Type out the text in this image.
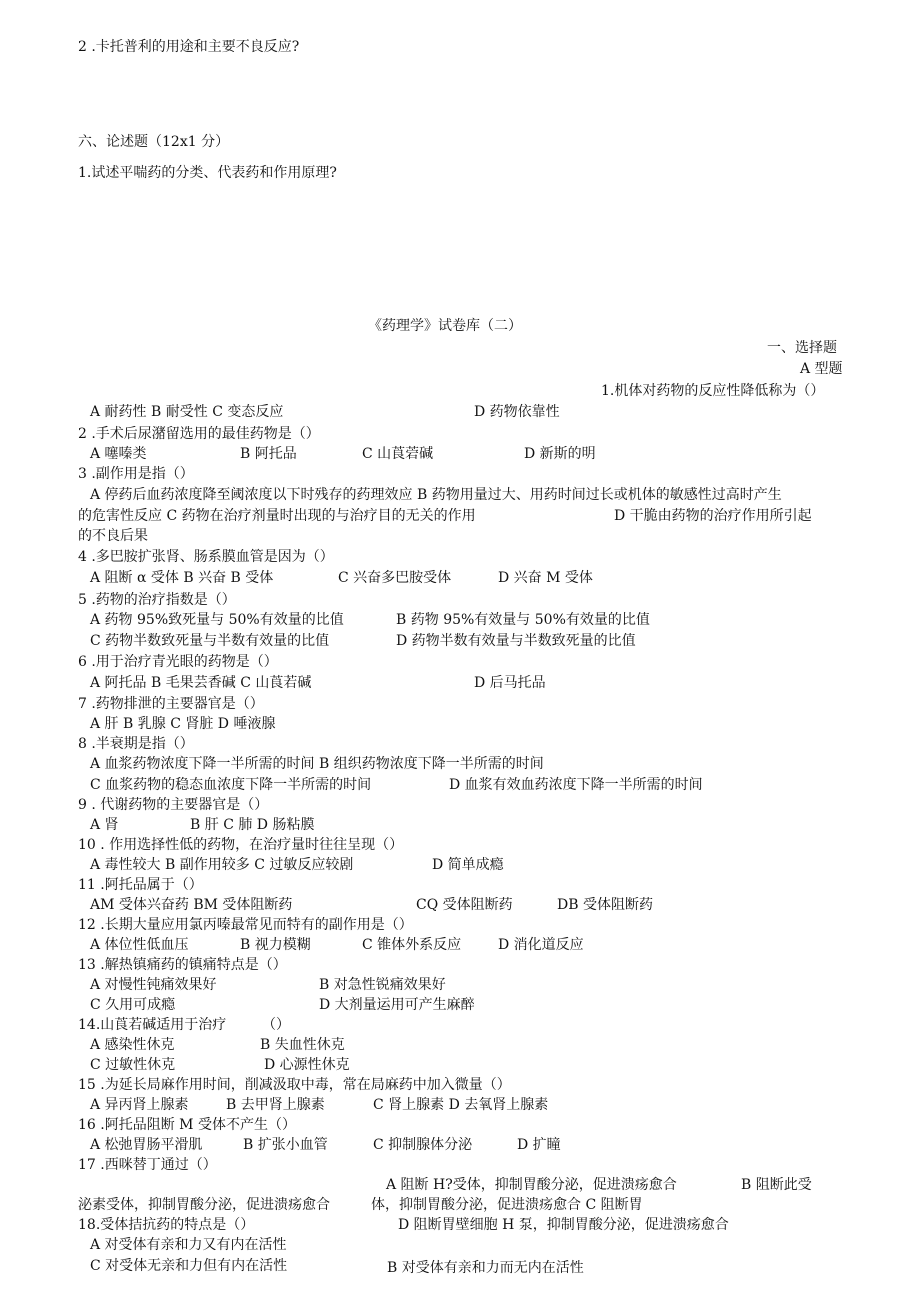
2 .卡托普利的用途和主要不良反应?
六、论述题（12x1 分）
1.试述平喘药的分类、代表药和作用原理?
《药理学》试卷库（二）
一、选择题
A 型题
1.机体对药物的反应性降低称为（）
A 耐药性 B 耐受性 C 变态反应	D 药物依靠性
2 .手术后尿潴留选用的最佳药物是（）
A 噻嗪类	B 阿托品	C 山莨菪碱	D 新斯的明
3 .副作用是指（）
A 停药后血药浓度降至阈浓度以下时残存的药理效应 B 药物用量过大、用药时间过长或机体的敏感性过高时产生
的危害性反应 C 药物在治疗剂量时出现的与治疗目的无关的作用	D 干脆由药物的治疗作用所引起
的不良后果
4 .多巴胺扩张肾、肠系膜血管是因为（）
A 阻断 α 受体 B 兴奋 B 受体	C 兴奋多巴胺受体	D 兴奋 M 受体
5 .药物的治疗指数是（）
A 药物 95%致死量与 50%有效量的比值	B 药物 95%有效量与 50%有效量的比值
C 药物半数致死量与半数有效量的比值	D 药物半数有效量与半数致死量的比值
6 .用于治疗青光眼的药物是（）
A 阿托品 B 毛果芸香碱 C 山莨若碱	D 后马托品
7 .药物排泄的主要器官是（）
A 肝 B 乳腺 C 肾脏 D 唾液腺
8 .半衰期是指（）
A 血浆药物浓度下降一半所需的时间 B 组织药物浓度下降一半所需的时间
C 血浆药物的稳态血浓度下降一半所需的时间	D 血浆有效血药浓度下降一半所需的时间
9 . 代谢药物的主要器官是（）
A 肾	B 肝 C 肺 D 肠粘膜
10 . 作用选择性低的药物，在治疗量时往往呈现（）
A 毒性较大 B 副作用较多 C 过敏反应较剧	D 简单成瘾
11 .阿托品属于（）
AM 受体兴奋药 BM 受体阻断药	CQ 受体阻断药	DB 受体阻断药
12 .长期大量应用氯丙嗪最常见而特有的副作用是（）
A 体位性低血压	B 视力模糊	C 锥体外系反应	D 消化道反应
13 .解热镇痛药的镇痛特点是（）
A 对慢性钝痛效果好	B 对急性锐痛效果好
C 久用可成瘾	D 大剂量运用可产生麻醉
14.山莨若碱适用于治疗	（）
A 感染性休克	B 失血性休克
C 过敏性休克	D 心源性休克
15 .为延长局麻作用时间，削减汲取中毒，常在局麻药中加入微量（）
A 异丙肾上腺素	B 去甲肾上腺素	C 肾上腺素 D 去氧肾上腺素
16 .阿托品阻断 M 受体不产生（）
A 松弛胃肠平滑肌	B 扩张小血管	C 抑制腺体分泌	D 扩瞳
17 .西咪替丁通过（）
A 阻断 H?受体，抑制胃酸分泌，促进溃疡愈合	B 阻断此受
泌素受体，抑制胃酸分泌，促进溃疡愈合	体，抑制胃酸分泌，促进溃疡愈合 C 阻断胃
18.受体拮抗药的特点是（）	D 阻断胃壁细胞 H 泵，抑制胃酸分泌，促进溃疡愈合
A 对受体有亲和力又有内在活性
C 对受体无亲和力但有内在活性	B 对受体有亲和力而无内在活性
